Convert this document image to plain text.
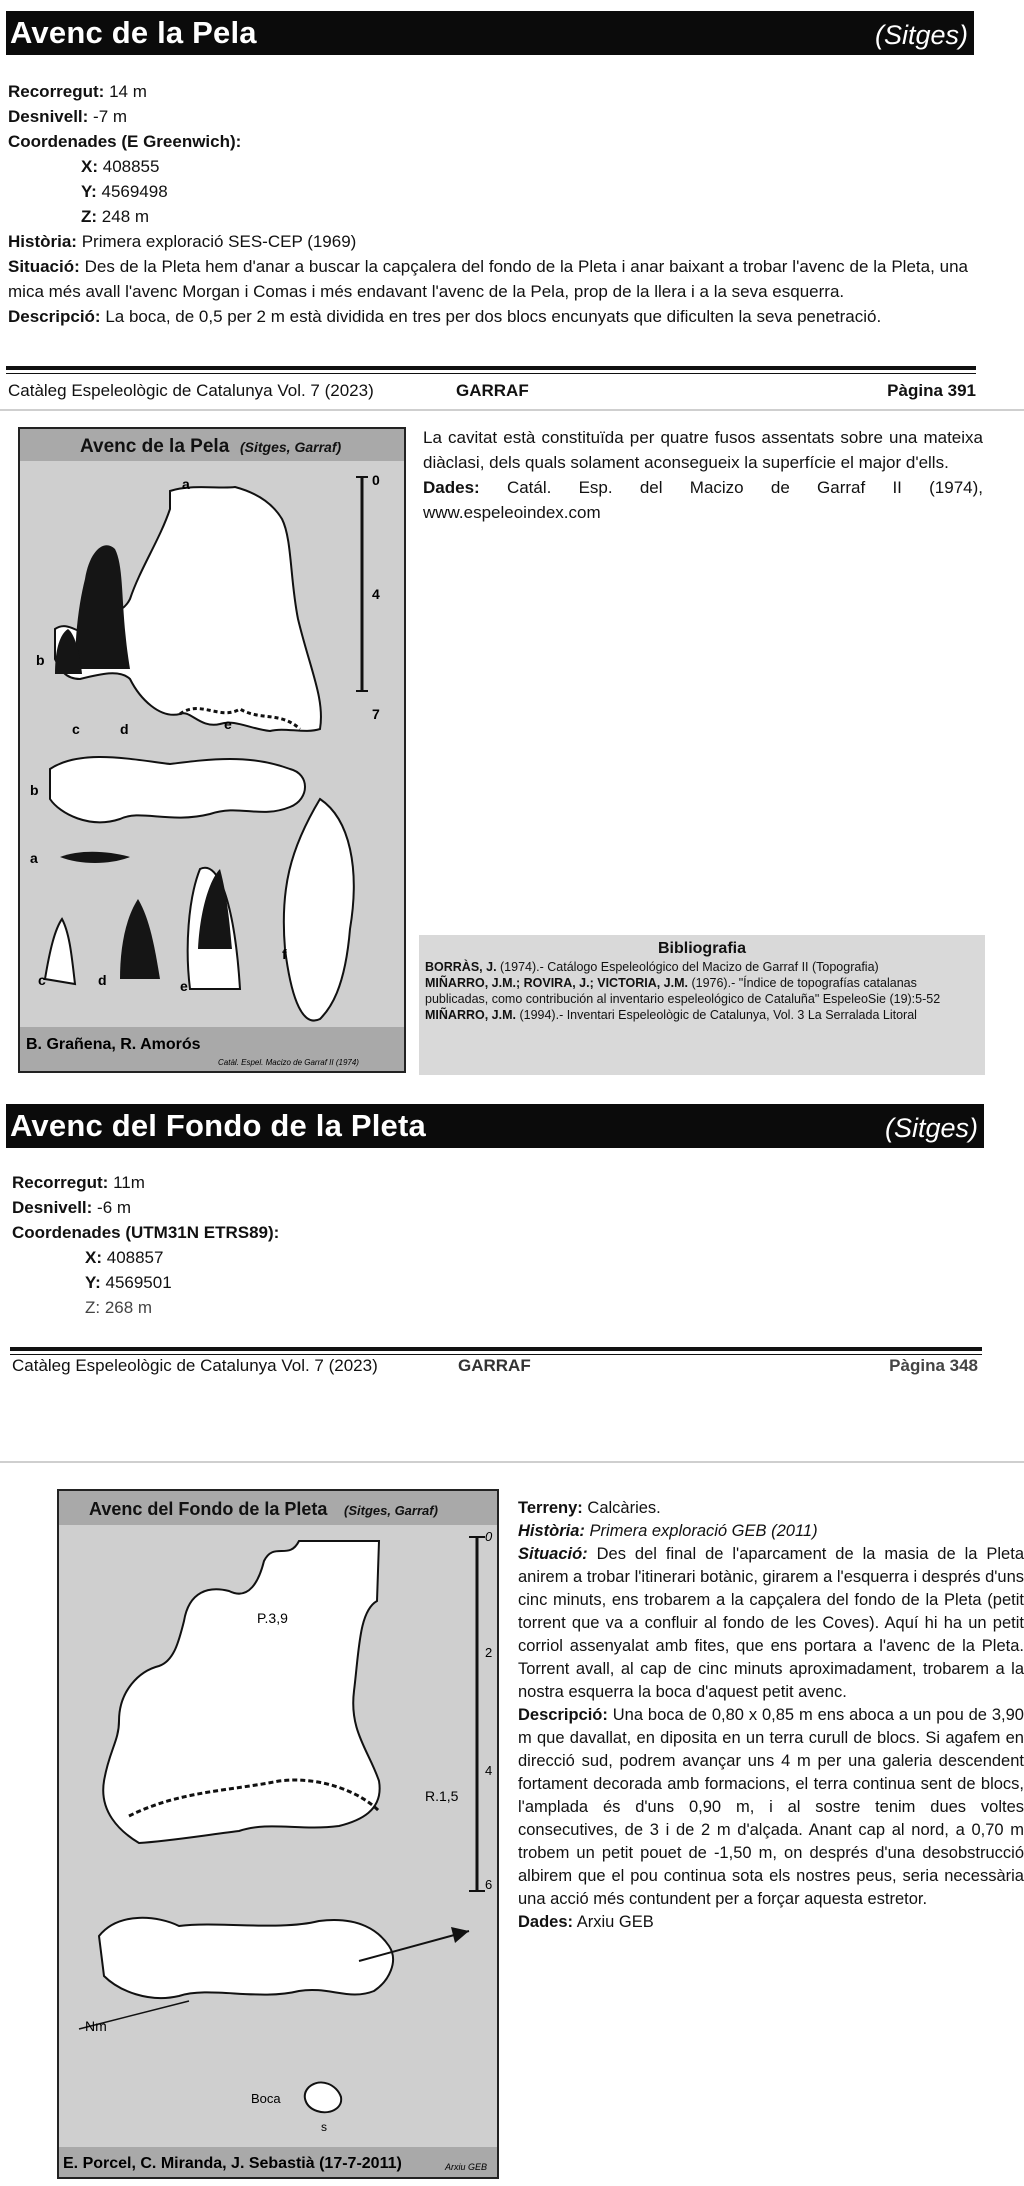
Avenc de la Pela	(Sitges)
Recorregut: 14 m
Desnivell: -7 m
Coordenades (E Greenwich):
X: 408855
Y: 4569498
Z: 248 m
Història: Primera exploració SES-CEP (1969)
Situació: Des de la Pleta hem d'anar a buscar la capçalera del fondo de la Pleta i anar baixant a trobar l'avenc de la Pleta, una mica més avall l'avenc Morgan i Comas i més endavant l'avenc de la Pela, prop de la llera i a la seva esquerra.
Descripció: La boca, de 0,5 per 2 m està dividida en tres per dos blocs encunyats que dificulten la seva penetració.
Catàleg Espeleològic de Catalunya Vol. 7 (2023)	GARRAF	Pàgina 391
Avenc de la Pela (Sitges, Garraf)
0
4
7
a
b
c	d	e
b
a
f
c	d	e
B. Grañena, R. Amorós
Catàl. Espel. Macizo de Garraf II (1974)
La cavitat està constituïda per quatre fusos assentats sobre una mateixa diàclasi, dels quals solament aconsegueix la superfície el major d'ells.
Dades: Catál. Esp. del Macizo de Garraf II (1974), www.espeleoindex.com
Bibliografia
BORRÀS, J. (1974).- Catálogo Espeleológico del Macizo de Garraf II (Topografia)
MIÑARRO, J.M.; ROVIRA, J.; VICTORIA, J.M. (1976).- "Índice de topografías catalanas publicadas, como contribución al inventario espeleológico de Cataluña" EspeleoSie (19):5-52
MIÑARRO, J.M. (1994).- Inventari Espeleològic de Catalunya, Vol. 3 La Serralada Litoral
Avenc del Fondo de la Pleta	(Sitges)
Recorregut: 11m
Desnivell: -6 m
Coordenades (UTM31N ETRS89):
X: 408857
Y: 4569501
Z: 268 m
Catàleg Espeleològic de Catalunya Vol. 7 (2023)	GARRAF	Pàgina 348
Avenc del Fondo de la Pleta (Sitges, Garraf)
P.3,9
R.1,5
0
2
4
6
Nm
Boca
s
E. Porcel, C. Miranda, J. Sebastià (17-7-2011)	Arxiu GEB
Terreny: Calcàries.
Història: Primera exploració GEB (2011)
Situació: Des del final de l'aparcament de la masia de la Pleta anirem a trobar l'itinerari botànic, girarem a l'esquerra i després d'uns cinc minuts, ens trobarem a la capçalera del fondo de la Pleta (petit torrent que va a confluir al fondo de les Coves). Aquí hi ha un petit corriol assenyalat amb fites, que ens portara a l'avenc de la Pleta. Torrent avall, al cap de cinc minuts aproximadament, trobarem a la nostra esquerra la boca d'aquest petit avenc.
Descripció: Una boca de 0,80 x 0,85 m ens aboca a un pou de 3,90 m que davallat, en diposita en un terra curull de blocs. Si agafem en direcció sud, podrem avançar uns 4 m per una galeria descendent fortament decorada amb formacions, el terra continua sent de blocs, l'amplada és d'uns 0,90 m, i al sostre tenim dues voltes consecutives, de 3 i de 2 m d'alçada. Anant cap al nord, a 0,70 m trobem un petit pouet de -1,50 m, on després d'una desobstrucció albirem que el pou continua sota els nostres peus, seria necessària una acció més contundent per a forçar aquesta estretor.
Dades: Arxiu GEB
